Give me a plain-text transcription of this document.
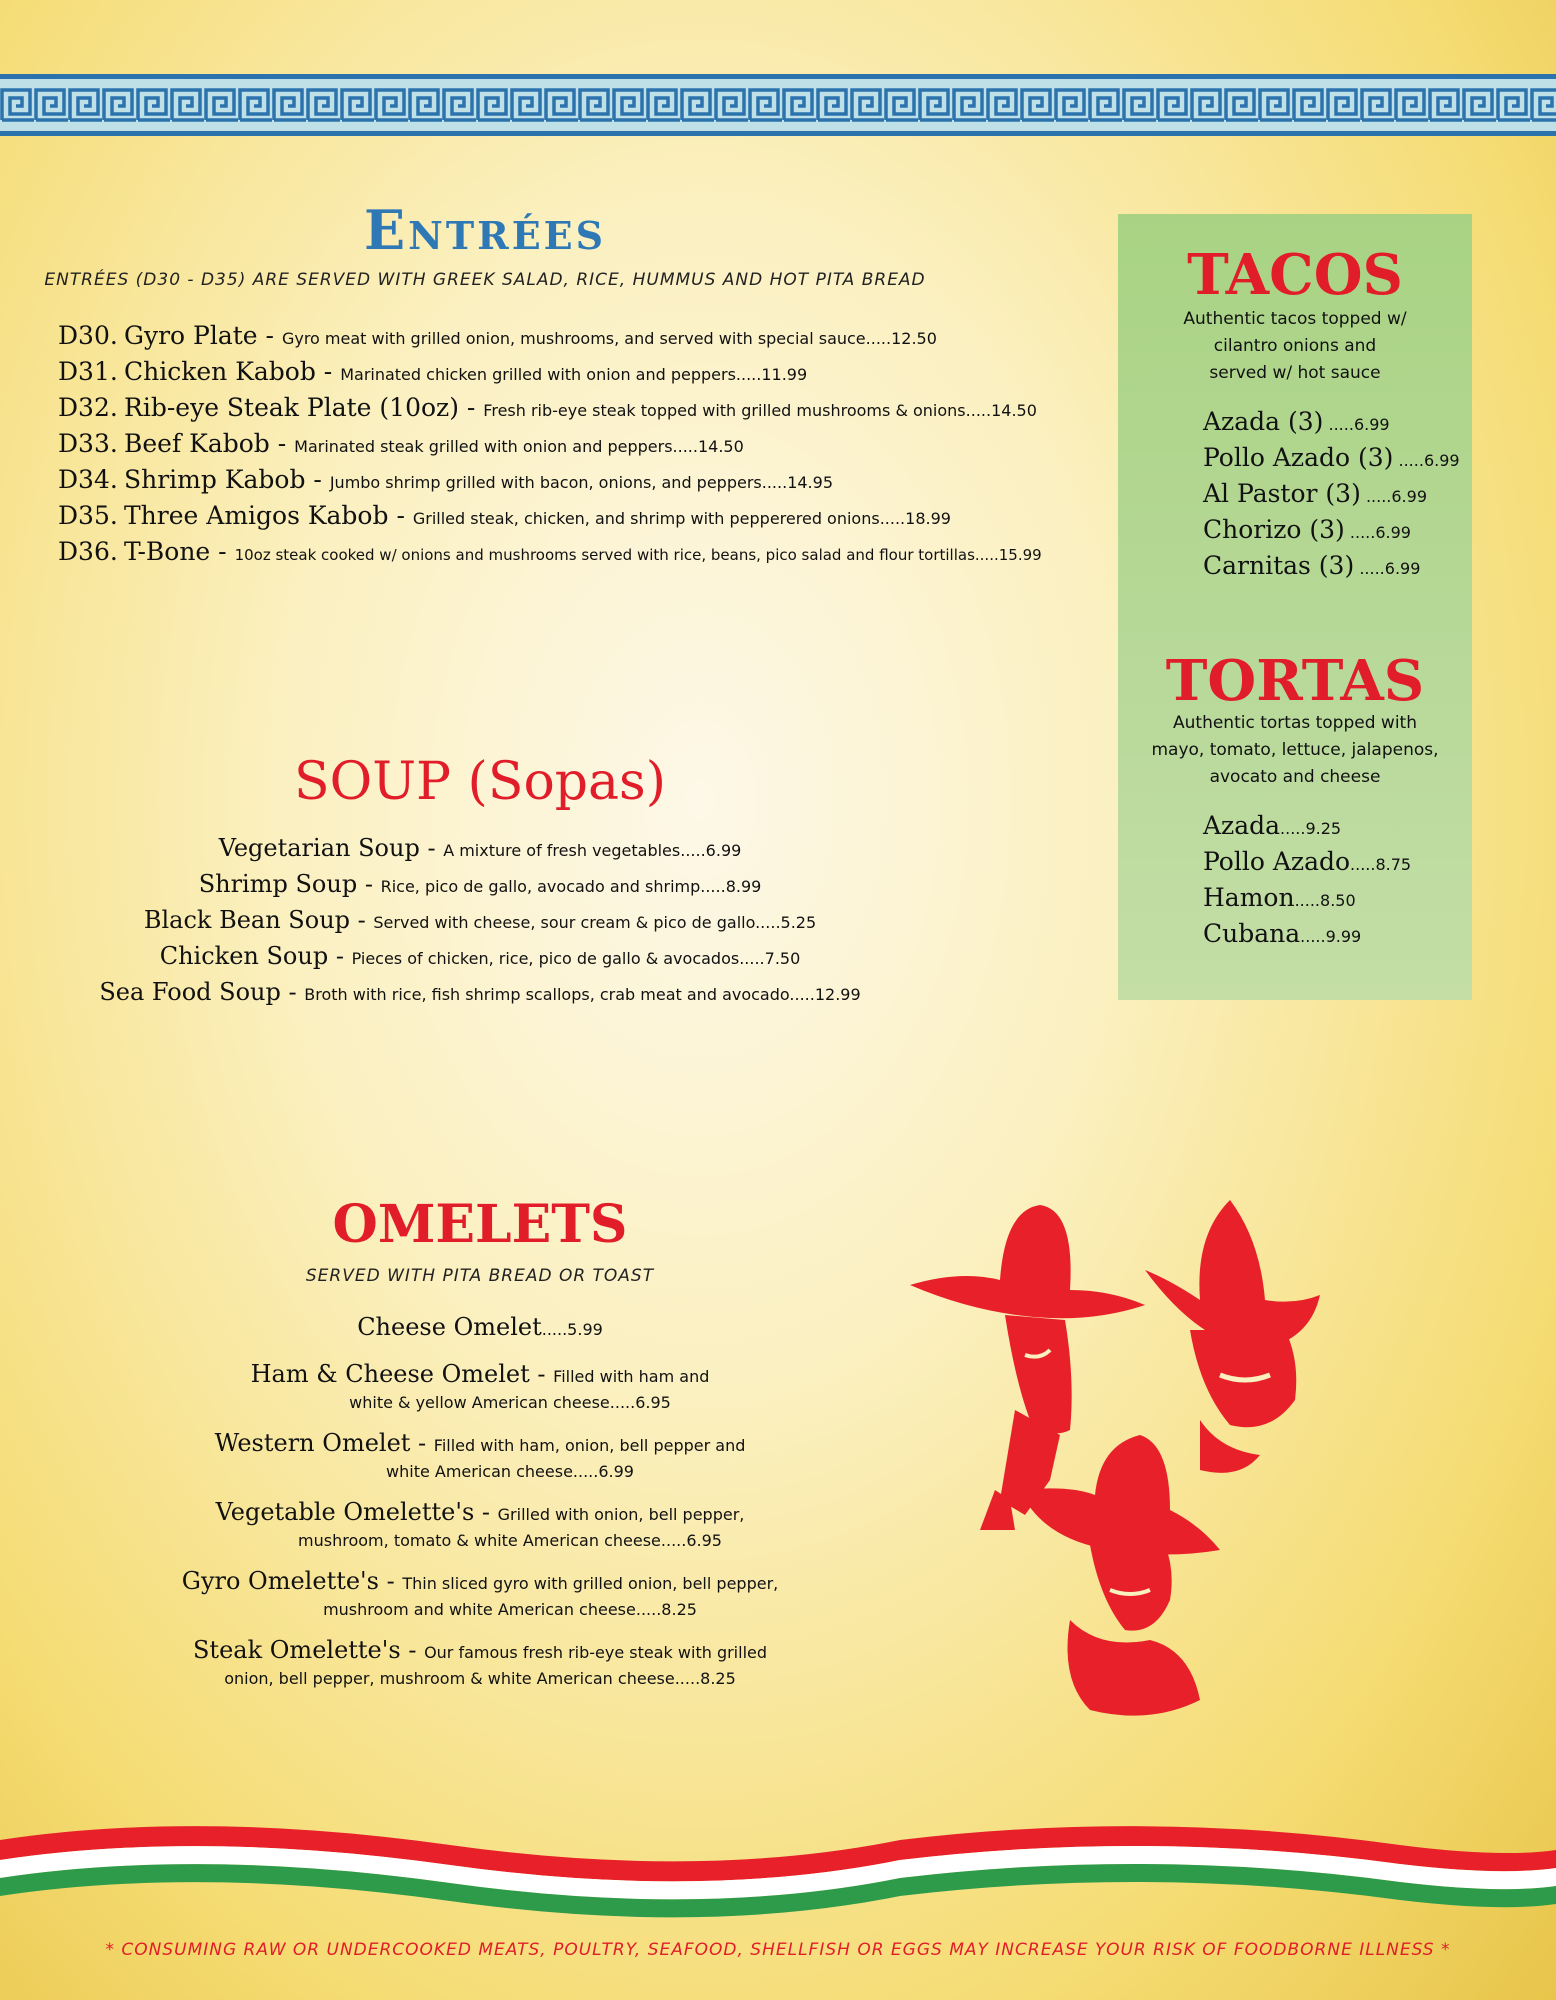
Entrées
ENTRÉES (D30 - D35) ARE SERVED WITH GREEK SALAD, RICE, HUMMUS AND HOT PITA BREAD
D30. Gyro Plate - Gyro meat with grilled onion, mushrooms, and served with special sauce.....12.50
D31. Chicken Kabob - Marinated chicken grilled with onion and peppers.....11.99
D32. Rib-eye Steak Plate (10oz) - Fresh rib-eye steak topped with grilled mushrooms & onions.....14.50
D33. Beef Kabob - Marinated steak grilled with onion and peppers.....14.50
D34. Shrimp Kabob - Jumbo shrimp grilled with bacon, onions, and peppers.....14.95
D35. Three Amigos Kabob - Grilled steak, chicken, and shrimp with pepperered onions.....18.99
D36. T-Bone - 10oz steak cooked w/ onions and mushrooms served with rice, beans, pico salad and flour tortillas.....15.99
SOUP (Sopas)
Vegetarian Soup - A mixture of fresh vegetables.....6.99
Shrimp Soup - Rice, pico de gallo, avocado and shrimp.....8.99
Black Bean Soup - Served with cheese, sour cream & pico de gallo.....5.25
Chicken Soup - Pieces of chicken, rice, pico de gallo & avocados.....7.50
Sea Food Soup - Broth with rice, fish shrimp scallops, crab meat and avocado.....12.99
OMELETS
SERVED WITH PITA BREAD OR TOAST
Cheese Omelet.....5.99
Ham & Cheese Omelet - Filled with ham and
white & yellow American cheese.....6.95
Western Omelet - Filled with ham, onion, bell pepper and
white American cheese.....6.99
Vegetable Omelette's - Grilled with onion, bell pepper,
mushroom, tomato & white American cheese.....6.95
Gyro Omelette's - Thin sliced gyro with grilled onion, bell pepper,
mushroom and white American cheese.....8.25
Steak Omelette's - Our famous fresh rib-eye steak with grilled
onion, bell pepper, mushroom & white American cheese.....8.25
TACOS
Authentic tacos topped w/
cilantro onions and
served w/ hot sauce
Azada (3) .....6.99
Pollo Azado (3) .....6.99
Al Pastor (3) .....6.99
Chorizo (3) .....6.99
Carnitas (3) .....6.99
TORTAS
Authentic tortas topped with
mayo, tomato, lettuce, jalapenos,
avocato and cheese
Azada.....9.25
Pollo Azado.....8.75
Hamon.....8.50
Cubana.....9.99
* CONSUMING RAW OR UNDERCOOKED MEATS, POULTRY, SEAFOOD, SHELLFISH OR EGGS MAY INCREASE YOUR RISK OF FOODBORNE ILLNESS *
